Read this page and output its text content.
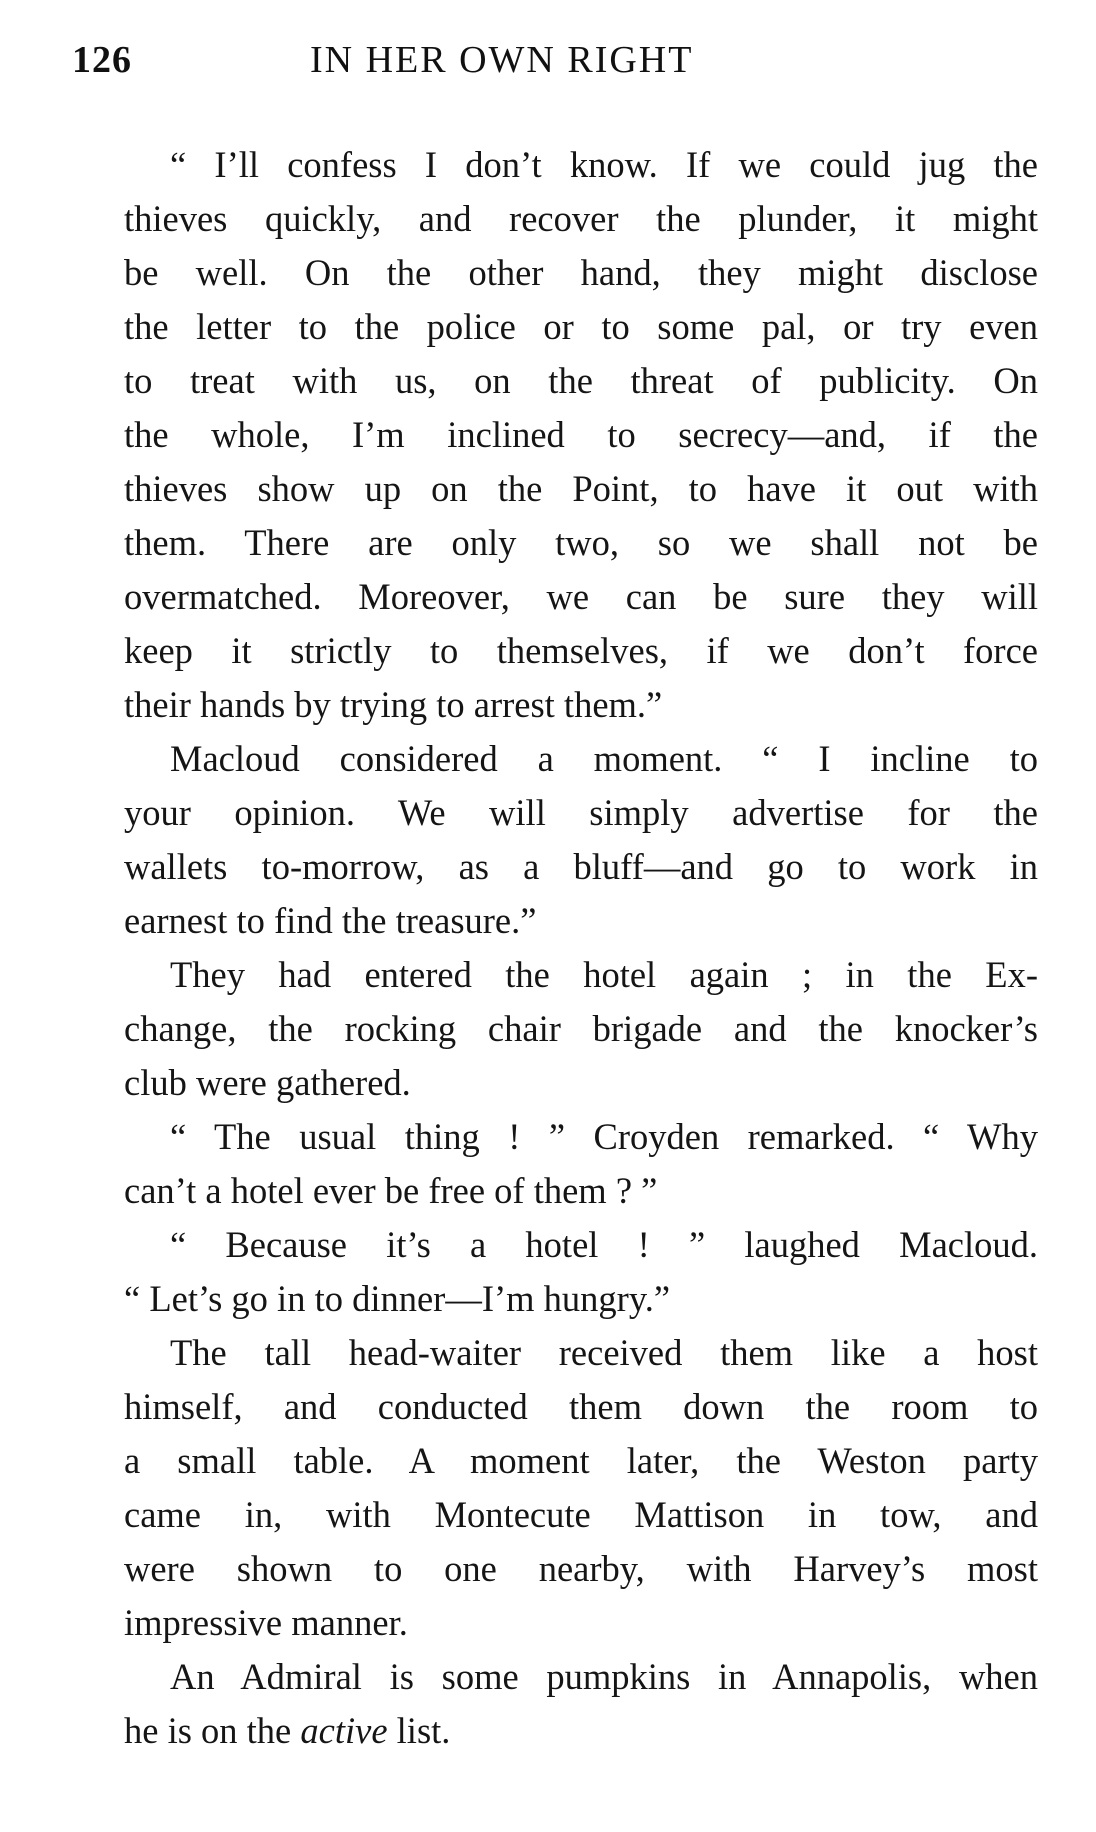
126	IN HER OWN RIGHT

“ I’ll confess I don’t know. If we could jug the
thieves quickly, and recover the plunder, it might
be well. On the other hand, they might disclose
the letter to the police or to some pal, or try even
to treat with us, on the threat of publicity. On
the whole, I’m inclined to secrecy—and, if the
thieves show up on the Point, to have it out with
them. There are only two, so we shall not be
overmatched. Moreover, we can be sure they will
keep it strictly to themselves, if we don’t force
their hands by trying to arrest them.”

Macloud considered a moment. “ I incline to
your opinion. We will simply advertise for the
wallets to-morrow, as a bluff—and go to work in
earnest to find the treasure.”

They had entered the hotel again ; in the Ex-
change, the rocking chair brigade and the knocker’s
club were gathered.

“ The usual thing ! ” Croyden remarked. “ Why
can’t a hotel ever be free of them ? ”

“ Because it’s a hotel ! ” laughed Macloud.
“ Let’s go in to dinner—I’m hungry.”

The tall head-waiter received them like a host
himself, and conducted them down the room to
a small table. A moment later, the Weston party
came in, with Montecute Mattison in tow, and
were shown to one nearby, with Harvey’s most
impressive manner.

An Admiral is some pumpkins in Annapolis, when
he is on the active list.
